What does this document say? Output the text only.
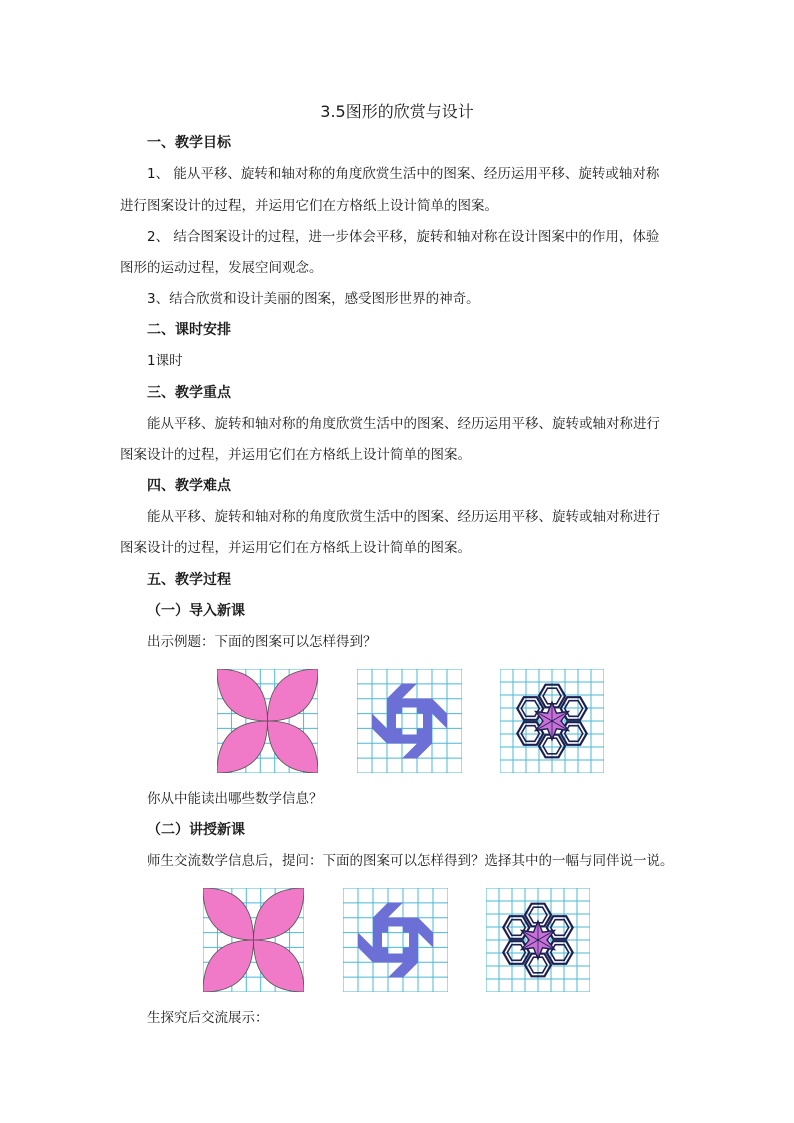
3.5图形的欣赏与设计
一、教学目标
1、 能从平移、旋转和轴对称的角度欣赏生活中的图案、经历运用平移、旋转或轴对称
进行图案设计的过程，并运用它们在方格纸上设计简单的图案。
2、 结合图案设计的过程，进一步体会平移，旋转和轴对称在设计图案中的作用，体验
图形的运动过程，发展空间观念。
3、结合欣赏和设计美丽的图案，感受图形世界的神奇。
二、课时安排
1课时
三、教学重点
能从平移、旋转和轴对称的角度欣赏生活中的图案、经历运用平移、旋转或轴对称进行
图案设计的过程，并运用它们在方格纸上设计简单的图案。
四、教学难点
能从平移、旋转和轴对称的角度欣赏生活中的图案、经历运用平移、旋转或轴对称进行
图案设计的过程，并运用它们在方格纸上设计简单的图案。
五、教学过程
（一）导入新课
出示例题：下面的图案可以怎样得到？
你从中能读出哪些数学信息？
（二）讲授新课
师生交流数学信息后，提问：下面的图案可以怎样得到？选择其中的一幅与同伴说一说。
生探究后交流展示：
